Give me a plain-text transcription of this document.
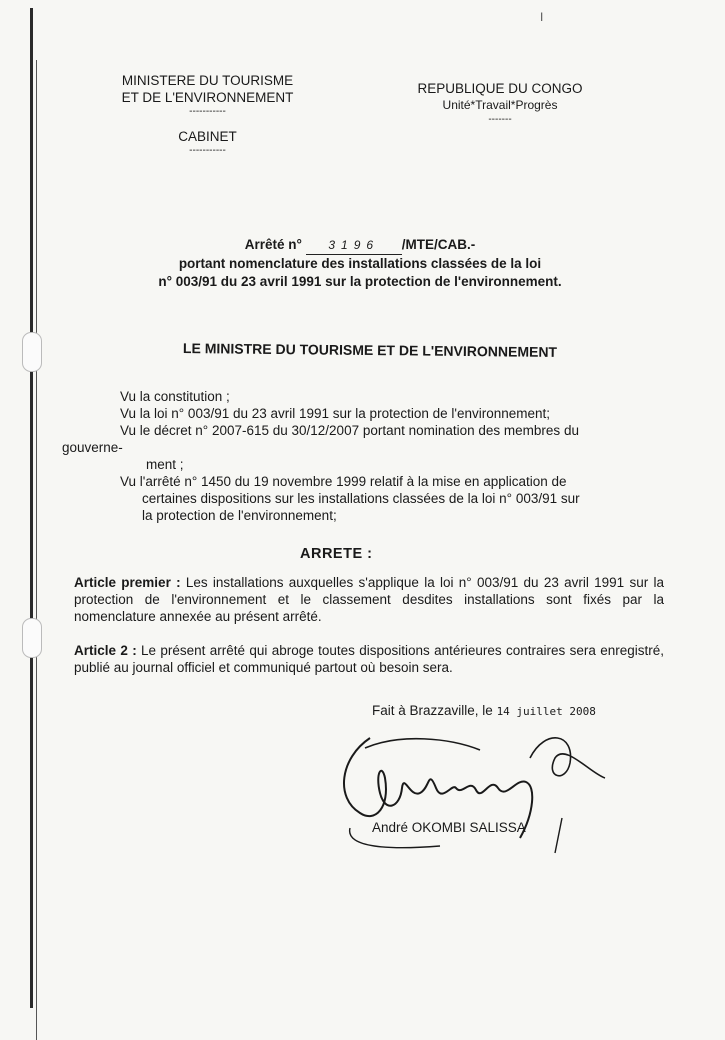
I
MINISTERE DU TOURISME
ET DE L'ENVIRONNEMENT
-----------
CABINET
-----------
REPUBLIQUE DU CONGO
Unité*Travail*Progrès
-------
Arrêté n° 3196 /MTE/CAB.-
portant nomenclature des installations classées de la loi
n° 003/91 du 23 avril 1991 sur la protection de l'environnement.
LE MINISTRE DU TOURISME ET DE L'ENVIRONNEMENT

Vu la constitution ;

Vu la loi n° 003/91 du 23 avril 1991 sur la protection de l'environnement;

Vu le décret n° 2007-615 du 30/12/2007 portant nomination des membres du

gouverne-

ment ;

Vu l'arrêté n° 1450 du 19 novembre 1999 relatif à la mise en application de

certaines dispositions sur les installations classées de la loi n° 003/91 sur

la protection de l'environnement;

ARRETE :
Article premier : Les installations auxquelles s'applique la loi n° 003/91 du 23 avril 1991 sur la protection de l'environnement et le classement desdites installations sont fixés par la nomenclature annexée au présent arrêté.
Article 2 : Le présent arrêté qui abroge toutes dispositions antérieures contraires sera enregistré, publié au journal officiel et communiqué partout où besoin sera.
Fait à Brazzaville, le 14 juillet 2008
André OKOMBI SALISSA
